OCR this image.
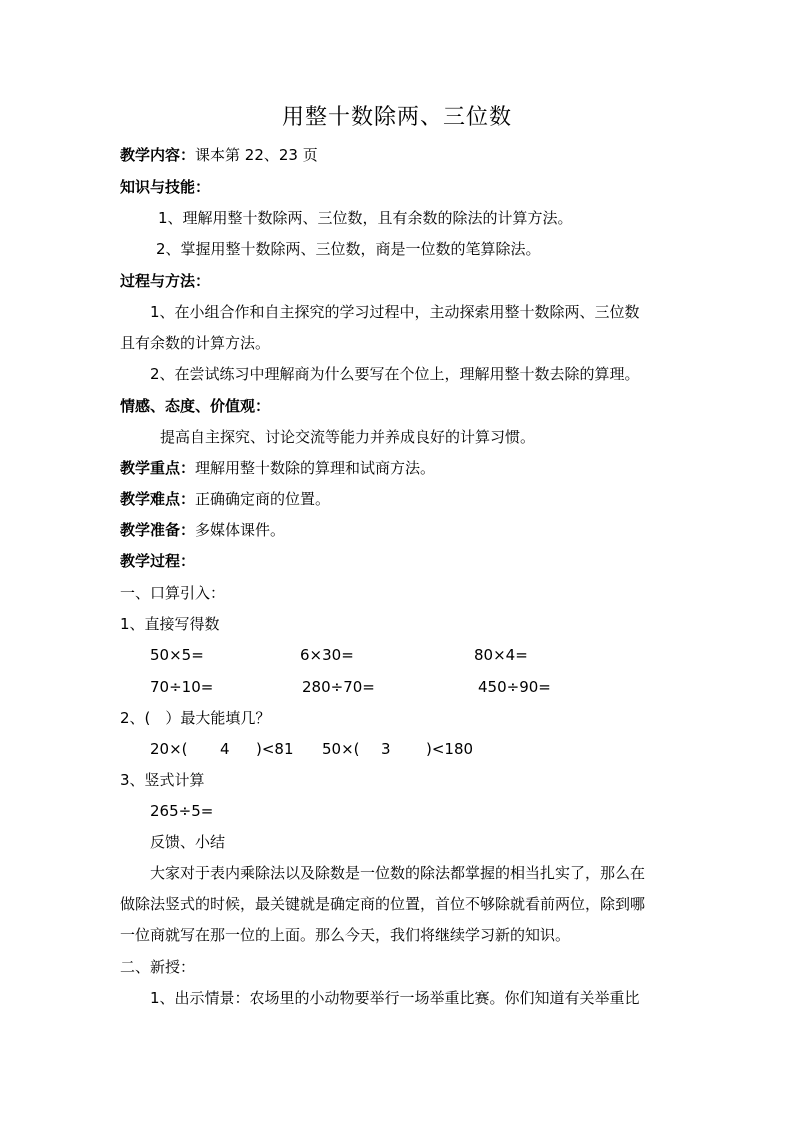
用整十数除两、三位数
教学内容：课本第 22、23 页
知识与技能：
1、理解用整十数除两、三位数，且有余数的除法的计算方法。
2、掌握用整十数除两、三位数，商是一位数的笔算除法。
过程与方法：
1、在小组合作和自主探究的学习过程中，主动探索用整十数除两、三位数
且有余数的计算方法。
2、在尝试练习中理解商为什么要写在个位上，理解用整十数去除的算理。
情感、态度、价值观：
提高自主探究、讨论交流等能力并养成良好的计算习惯。
教学重点：理解用整十数除的算理和试商方法。
教学难点：正确确定商的位置。
教学准备：多媒体课件。
教学过程：
一、口算引入：
1、直接写得数
50×5=	6×30=	80×4=
70÷10=	280÷70=	450÷90=
2、(　）最大能填几？
20×( 4 )<81 50×( 3 )<180
3、竖式计算
265÷5=
反馈、小结
大家对于表内乘除法以及除数是一位数的除法都掌握的相当扎实了，那么在
做除法竖式的时候，最关键就是确定商的位置，首位不够除就看前两位，除到哪
一位商就写在那一位的上面。那么今天，我们将继续学习新的知识。
二、新授：
1、出示情景：农场里的小动物要举行一场举重比赛。你们知道有关举重比
